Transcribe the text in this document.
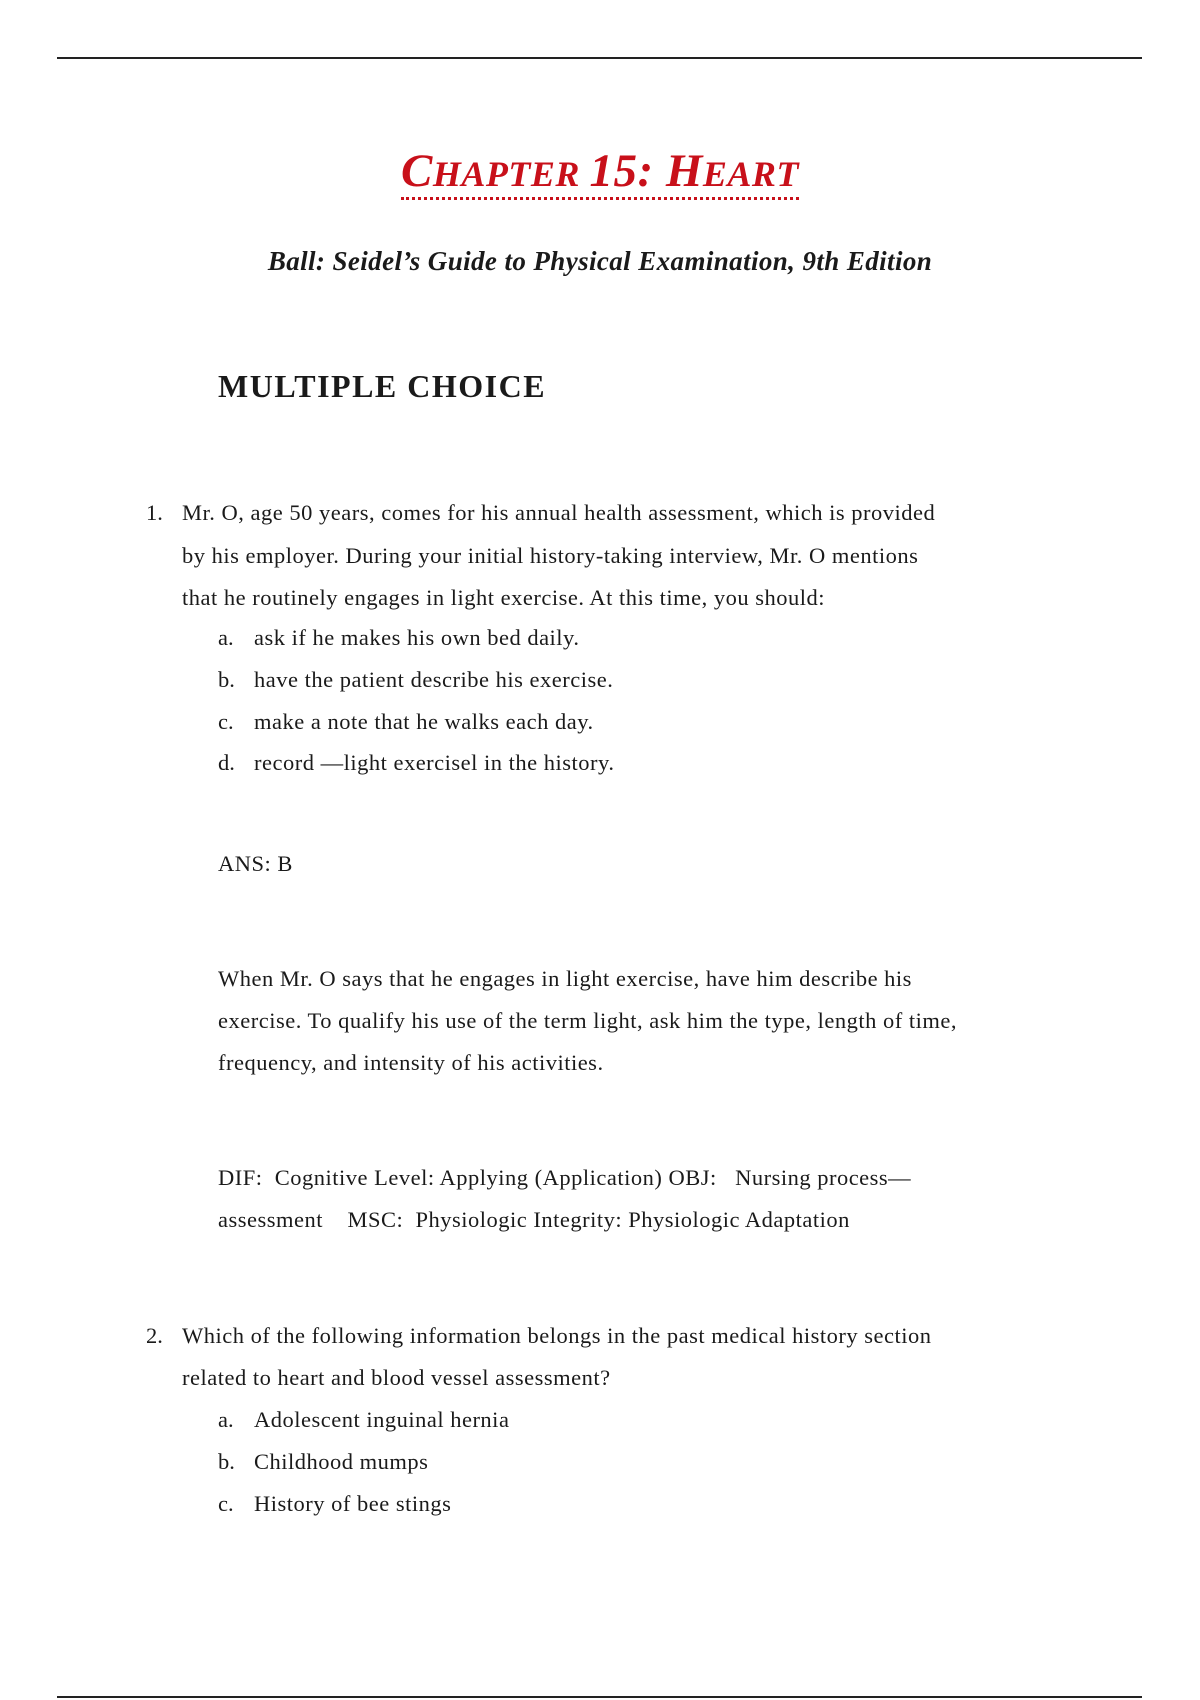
CHAPTER 15: HEART
Ball: Seidel’s Guide to Physical Examination, 9th Edition
MULTIPLE CHOICE
1. Mr. O, age 50 years, comes for his annual health assessment, which is provided
by his employer. During your initial history-taking interview, Mr. O mentions
that he routinely engages in light exercise. At this time, you should:
a. ask if he makes his own bed daily.
b. have the patient describe his exercise.
c. make a note that he walks each day.
d. record —light exercisel in the history.
ANS: B
When Mr. O says that he engages in light exercise, have him describe his
exercise. To qualify his use of the term light, ask him the type, length of time,
frequency, and intensity of his activities.
DIF:  Cognitive Level: Applying (Application) OBJ:   Nursing process—
assessment    MSC:  Physiologic Integrity: Physiologic Adaptation
2. Which of the following information belongs in the past medical history section
related to heart and blood vessel assessment?
a. Adolescent inguinal hernia
b. Childhood mumps
c. History of bee stings
